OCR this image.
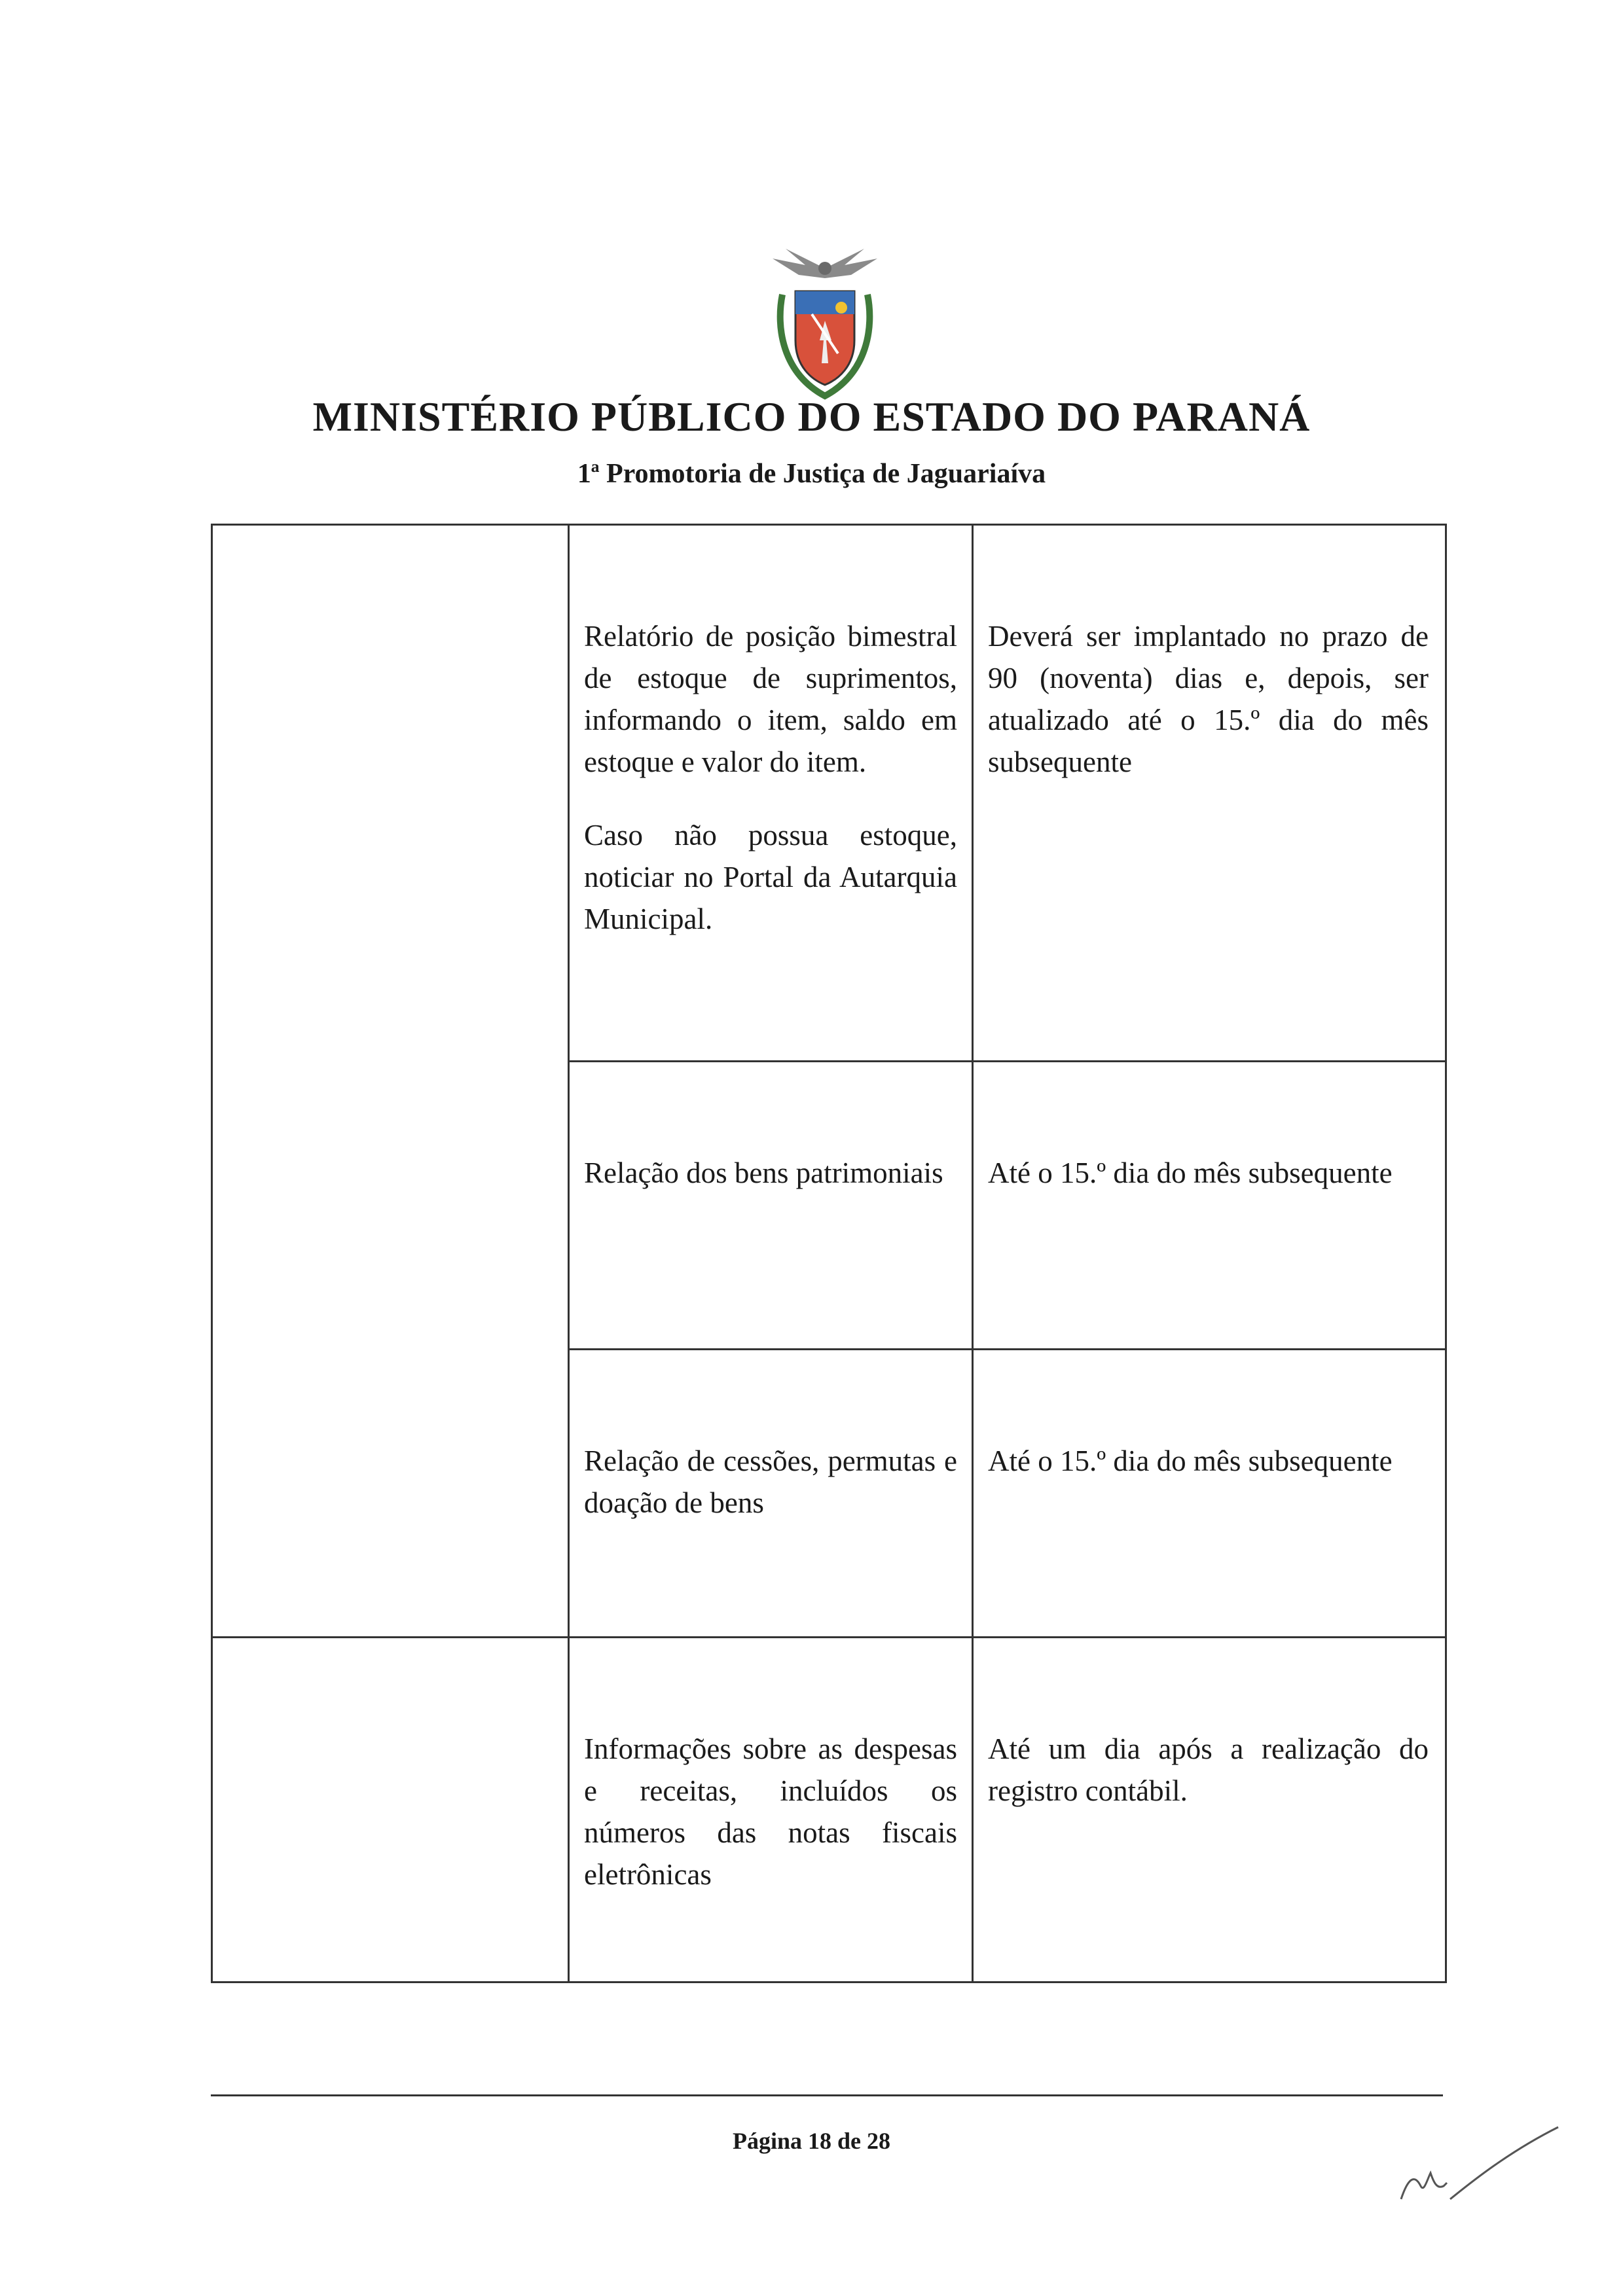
MINISTÉRIO PÚBLICO DO ESTADO DO PARANÁ
1ª Promotoria de Justiça de Jaguariaíva

Relatório de posição bimestral de estoque de suprimentos, informando o item, saldo em estoque e valor do item.

Caso não possua estoque, noticiar no Portal da Autarquia Municipal.

Deverá ser implantado no prazo de 90 (noventa) dias e, depois, ser atualizado até o 15.º dia do mês subsequente

Relação dos bens patrimoniais	Até o 15.º dia do mês subsequente

Relação de cessões, permutas e doação de bens

Até o 15.º dia do mês subsequente

Informações sobre as despesas e receitas, incluídos os números das notas fiscais eletrônicas

Até um dia após a realização do registro contábil.
Página 18 de 28
